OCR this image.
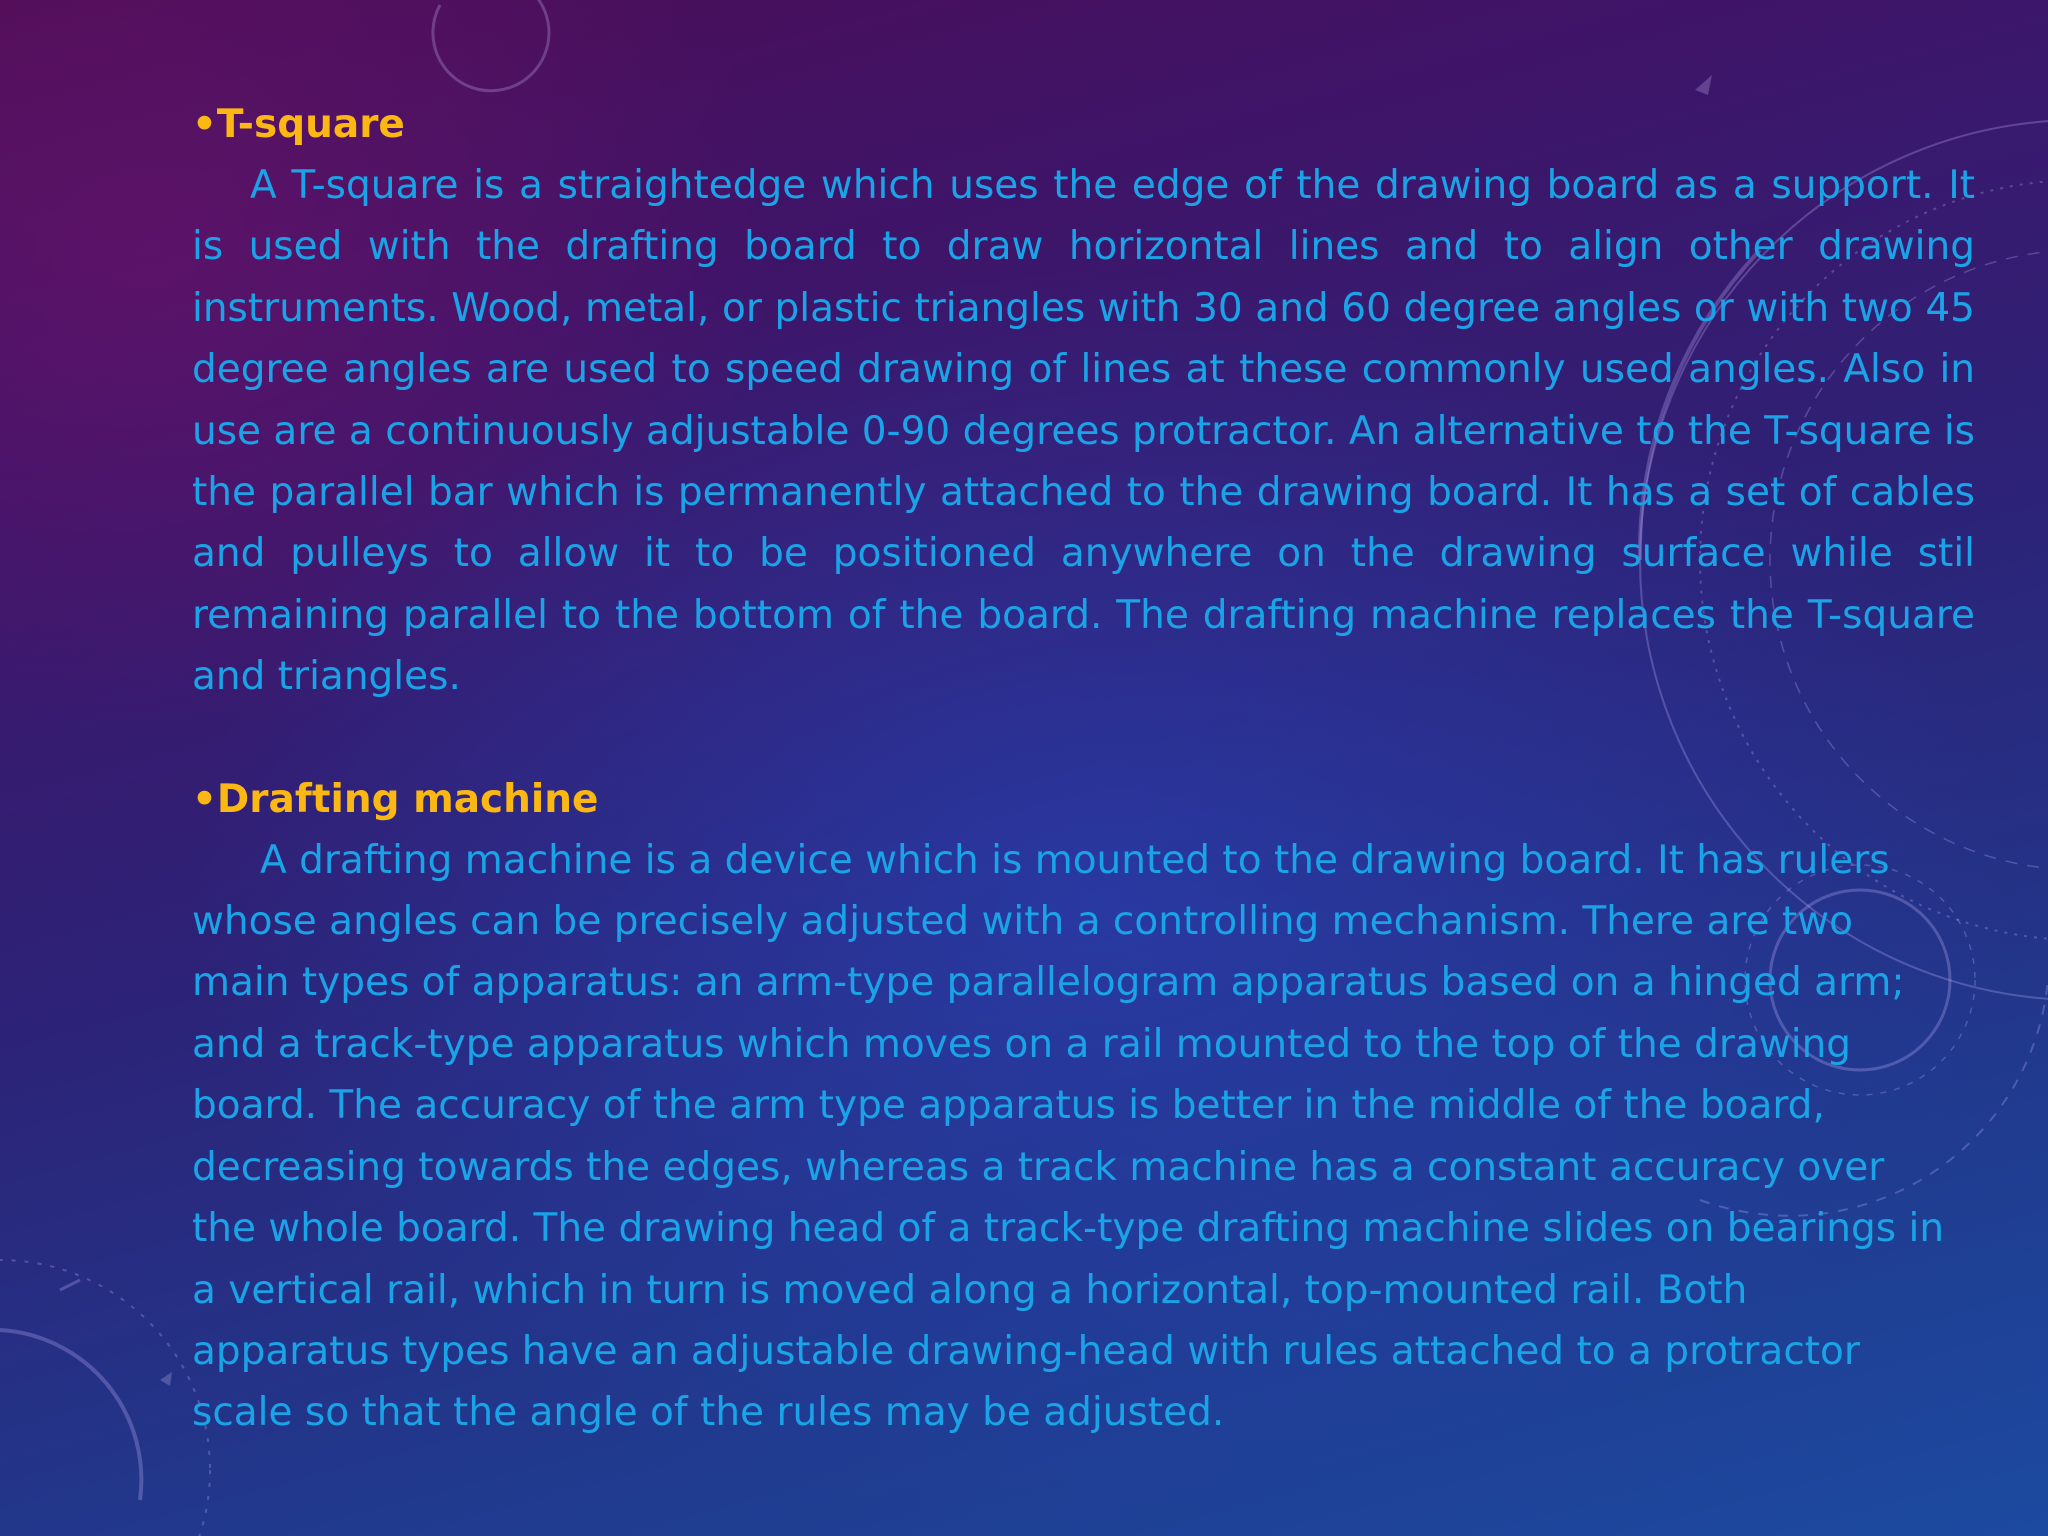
•T-square

A T-square is a straightedge which uses the edge of the drawing board as a support. It is used with the drafting board to draw horizontal lines and to align other drawing instruments. Wood, metal, or plastic triangles with 30 and 60 degree angles or with two 45 degree angles are used to speed drawing of lines at these commonly used angles. Also in use are a continuously adjustable 0-90 degrees protractor. An alternative to the T-square is the parallel bar which is permanently attached to the drawing board. It has a set of cables and pulleys to allow it to be positioned anywhere on the drawing surface while stil remaining parallel to the bottom of the board. The drafting machine replaces the T-square and triangles.

•Drafting machine

A drafting machine is a device which is mounted to the drawing board. It has rulers whose angles can be precisely adjusted with a controlling mechanism. There are two main types of apparatus: an arm-type parallelogram apparatus based on a hinged arm; and a track-type apparatus which moves on a rail mounted to the top of the drawing board. The accuracy of the arm type apparatus is better in the middle of the board, decreasing towards the edges, whereas a track machine has a constant accuracy over the whole board. The drawing head of a track-type drafting machine slides on bearings in a vertical rail, which in turn is moved along a horizontal, top-mounted rail. Both apparatus types have an adjustable drawing-head with rules attached to a protractor scale so that the angle of the rules may be adjusted.
